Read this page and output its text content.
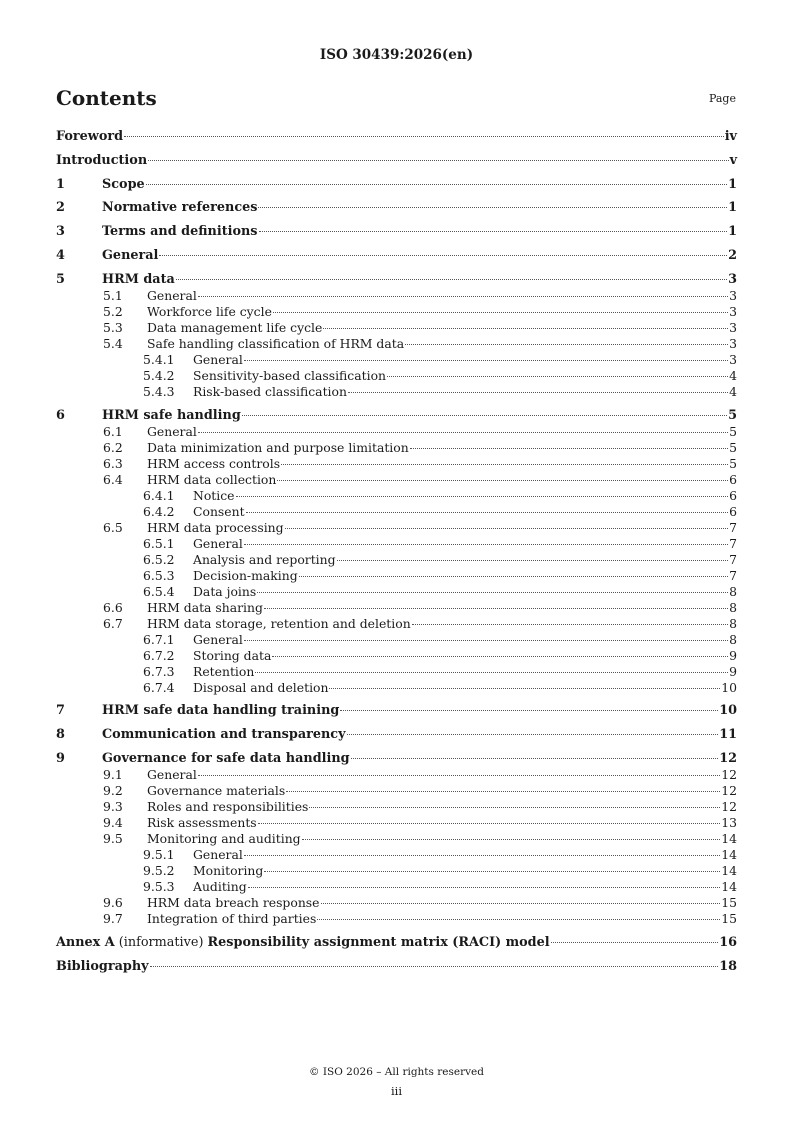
ISO 30439:2026(en)
Contents	Page
Foreword	iv
Introduction	v
1	Scope	1
2	Normative references	1
3	Terms and definitions	1
4	General	2
5	HRM data	3
5.1	General	3
5.2	Workforce life cycle	3
5.3	Data management life cycle	3
5.4	Safe handling classification of HRM data	3
5.4.1	General	3
5.4.2	Sensitivity-based classification	4
5.4.3	Risk-based classification	4
6	HRM safe handling	5
6.1	General	5
6.2	Data minimization and purpose limitation	5
6.3	HRM access controls	5
6.4	HRM data collection	6
6.4.1	Notice	6
6.4.2	Consent	6
6.5	HRM data processing	7
6.5.1	General	7
6.5.2	Analysis and reporting	7
6.5.3	Decision-making	7
6.5.4	Data joins	8
6.6	HRM data sharing	8
6.7	HRM data storage, retention and deletion	8
6.7.1	General	8
6.7.2	Storing data	9
6.7.3	Retention	9
6.7.4	Disposal and deletion	10
7	HRM safe data handling training	10
8	Communication and transparency	11
9	Governance for safe data handling	12
9.1	General	12
9.2	Governance materials	12
9.3	Roles and responsibilities	12
9.4	Risk assessments	13
9.5	Monitoring and auditing	14
9.5.1	General	14
9.5.2	Monitoring	14
9.5.3	Auditing	14
9.6	HRM data breach response	15
9.7	Integration of third parties	15
Annex A (informative) Responsibility assignment matrix (RACI) model	16
Bibliography	18
© ISO 2026 – All rights reserved
iii
